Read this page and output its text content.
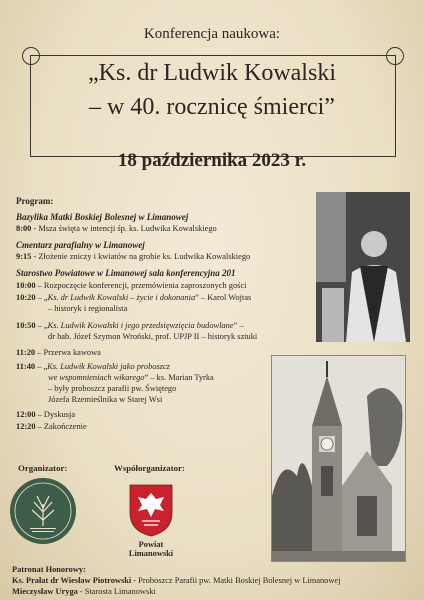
Konferencja naukowa:
„Ks. dr Ludwik Kowalski
– w 40. rocznicę śmierci”
18 października 2023 r.
Program:
Bazylika Matki Boskiej Bolesnej w Limanowej
8:00 - Msza święta w intencji śp. ks. Ludwika Kowalskiego
Cmentarz parafialny w Limanowej
9:15 - Złożenie zniczy i kwiatów na grobie ks. Ludwika Kowalskiego
Starostwo Powiatowe w Limanowej sala konferencyjna 201
10:00 – Rozpoczęcie konferencji, przemówienia zaproszonych gości
10:20 – „Ks. dr Ludwik Kowalski – życie i dokonania” – Karol Wojtas
– historyk i regionalista
10:50 – „Ks. Ludwik Kowalski i jego przedsięwzięcia budowlane” –
dr hab. Józef Szymon Wroński, prof. UPJP II – historyk sztuki
11:20 – Przerwa kawowa
11:40 – „Ks. Ludwik Kowalski jako proboszcz
we wspomnieniach wikarego” – ks. Marian Tyrka
– były proboszcz parafii pw. Świętego
Józefa Rzemieślnika w Starej Wsi
12:00 – Dyskusja
12:20 – Zakończenie
Organizator:	Współorganizator:
Powiat
Limanowski
Patronat Honorowy:
Ks. Prałat dr Wiesław Piotrowski - Proboszcz Parafii pw. Matki Boskiej Bolesnej w Limanowej
Mieczysław Uryga - Starosta Limanowski
